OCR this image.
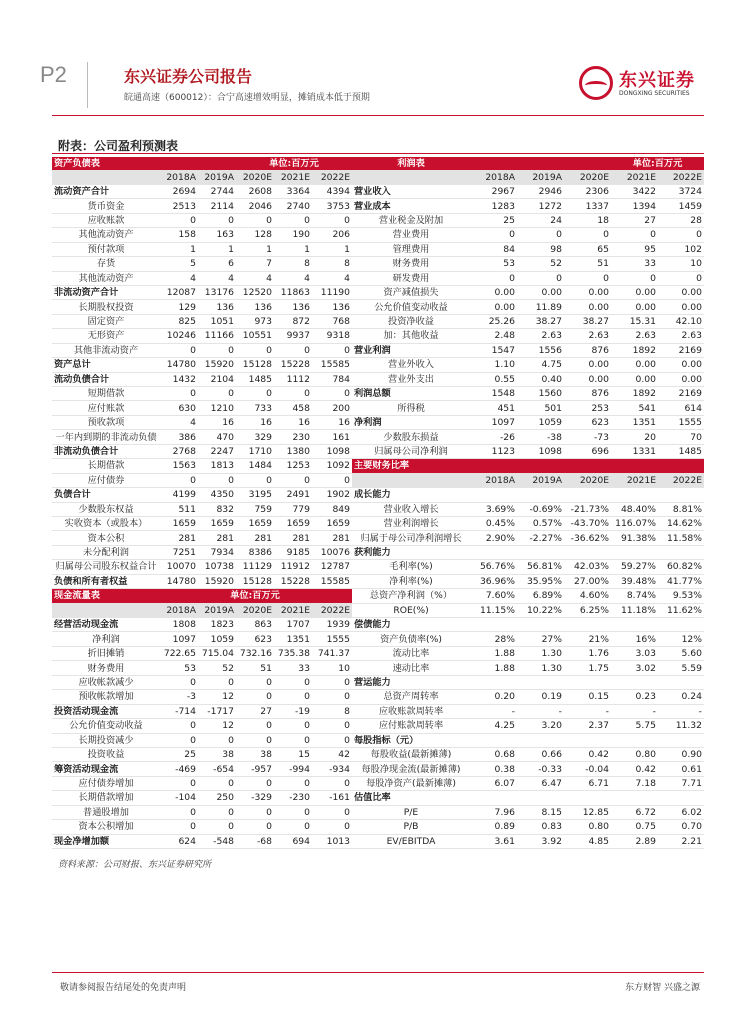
P2	东兴证券公司报告
皖通高速（600012）：合宁高速增效明显，摊销成本低于预期
东兴证券
DONGXING SECURITIES
附表：公司盈利预测表
资产负债表			单位:百万元			利润表				单位:百万元	
	2018A	2019A	2020E	2021E	2022E		2018A	2019A	2020E	2021E	2022E
流动资产合计	2694	2744	2608	3364	4394	营业收入	2967	2946	2306	3422	3724
货币资金	2513	2114	2046	2740	3753	营业成本	1283	1272	1337	1394	1459
应收账款	0	0	0	0	0	营业税金及附加	25	24	18	27	28
其他流动资产	158	163	128	190	206	营业费用	0	0	0	0	0
预付款项	1	1	1	1	1	管理费用	84	98	65	95	102
存货	5	6	7	8	8	财务费用	53	52	51	33	10
其他流动资产	4	4	4	4	4	研发费用	0	0	0	0	0
非流动资产合计	12087	13176	12520	11863	11190	资产减值损失	0.00	0.00	0.00	0.00	0.00
长期股权投资	129	136	136	136	136	公允价值变动收益	0.00	11.89	0.00	0.00	0.00
固定资产	825	1051	973	872	768	投资净收益	25.26	38.27	38.27	15.31	42.10
无形资产	10246	11166	10551	9937	9318	加：其他收益	2.48	2.63	2.63	2.63	2.63
其他非流动资产	0	0	0	0	0	营业利润	1547	1556	876	1892	2169
资产总计	14780	15920	15128	15228	15585	营业外收入	1.10	4.75	0.00	0.00	0.00
流动负债合计	1432	2104	1485	1112	784	营业外支出	0.55	0.40	0.00	0.00	0.00
短期借款	0	0	0	0	0	利润总额	1548	1560	876	1892	2169
应付账款	630	1210	733	458	200	所得税	451	501	253	541	614
预收款项	4	16	16	16	16	净利润	1097	1059	623	1351	1555
一年内到期的非流动负债	386	470	329	230	161	少数股东损益	-26	-38	-73	20	70
非流动负债合计	2768	2247	1710	1380	1098	归属母公司净利润	1123	1098	696	1331	1485
长期借款	1563	1813	1484	1253	1092	主要财务比率					
应付债券	0	0	0	0	0		2018A	2019A	2020E	2021E	2022E
负债合计	4199	4350	3195	2491	1902	成长能力					
少数股东权益	511	832	759	779	849	营业收入增长	3.69%	-0.69%	-21.73%	48.40%	8.81%
实收资本（或股本）	1659	1659	1659	1659	1659	营业利润增长	0.45%	0.57%	-43.70%	116.07%	14.62%
资本公积	281	281	281	281	281	归属于母公司净利润增长	2.90%	-2.27%	-36.62%	91.38%	11.58%
未分配利润	7251	7934	8386	9185	10076	获利能力					
归属母公司股东权益合计	10070	10738	11129	11912	12787	毛利率(%)	56.76%	56.81%	42.03%	59.27%	60.82%
负债和所有者权益	14780	15920	15128	15228	15585	净利率(%)	36.96%	35.95%	27.00%	39.48%	41.77%
现金流量表		单位:百万元				总资产净利润（%）	7.60%	6.89%	4.60%	8.74%	9.53%
	2018A	2019A	2020E	2021E	2022E	ROE(%)	11.15%	10.22%	6.25%	11.18%	11.62%
经营活动现金流	1808	1823	863	1707	1939	偿债能力					
净利润	1097	1059	623	1351	1555	资产负债率(%)	28%	27%	21%	16%	12%
折旧摊销	722.65	715.04	732.16	735.38	741.37	流动比率	1.88	1.30	1.76	3.03	5.60
财务费用	53	52	51	33	10	速动比率	1.88	1.30	1.75	3.02	5.59
应收帐款减少	0	0	0	0	0	营运能力					
预收帐款增加	-3	12	0	0	0	总资产周转率	0.20	0.19	0.15	0.23	0.24
投资活动现金流	-714	-1717	27	-19	8	应收账款周转率	-	-	-	-	-
公允价值变动收益	0	12	0	0	0	应付账款周转率	4.25	3.20	2.37	5.75	11.32
长期投资减少	0	0	0	0	0	每股指标（元）					
投资收益	25	38	38	15	42	每股收益(最新摊薄)	0.68	0.66	0.42	0.80	0.90
筹资活动现金流	-469	-654	-957	-994	-934	每股净现金流(最新摊薄)	0.38	-0.33	-0.04	0.42	0.61
应付债券增加	0	0	0	0	0	每股净资产(最新摊薄)	6.07	6.47	6.71	7.18	7.71
长期借款增加	-104	250	-329	-230	-161	估值比率					
普通股增加	0	0	0	0	0	P/E	7.96	8.15	12.85	6.72	6.02
资本公积增加	0	0	0	0	0	P/B	0.89	0.83	0.80	0.75	0.70
现金净增加额	624	-548	-68	694	1013	EV/EBITDA	3.61	3.92	4.85	2.89	2.21
资料来源：公司财报、东兴证券研究所
敬请参阅报告结尾处的免责声明	东方财智 兴盛之源
